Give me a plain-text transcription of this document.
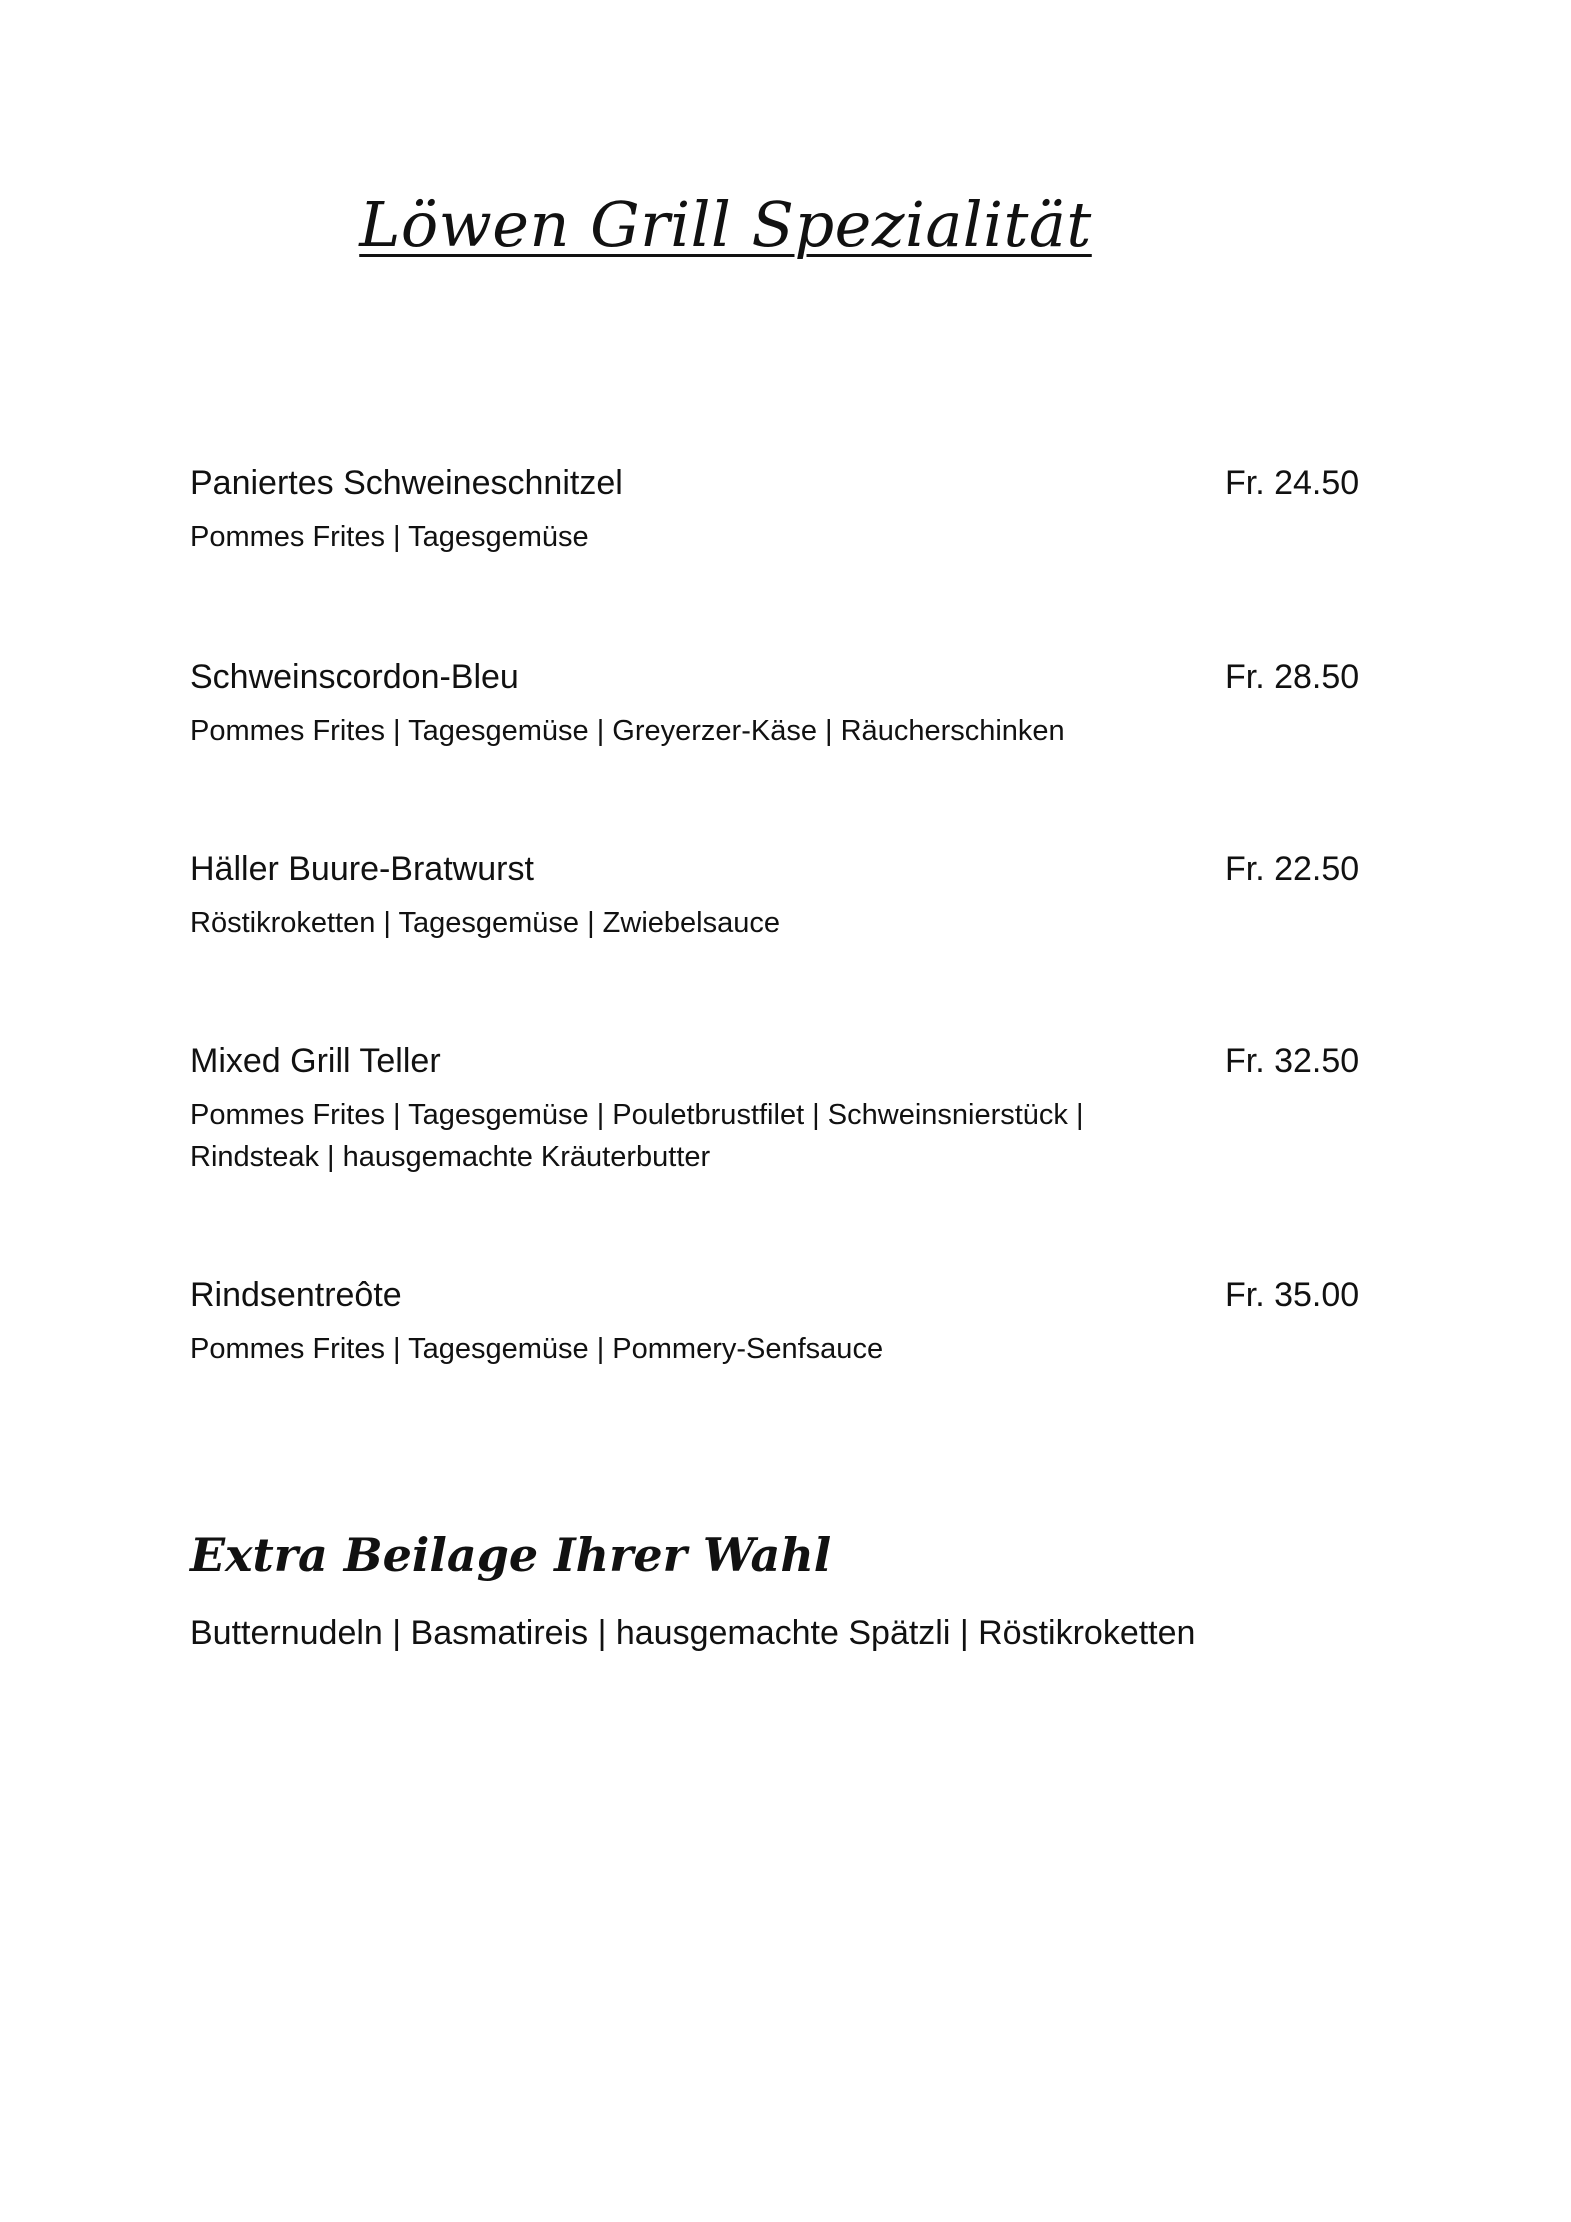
Löwen Grill Spezialität
Paniertes Schweineschnitzel	Fr. 24.50
Pommes Frites | Tagesgemüse
Schweinscordon-Bleu	Fr. 28.50
Pommes Frites | Tagesgemüse | Greyerzer-Käse | Räucherschinken
Häller Buure-Bratwurst	Fr. 22.50
Röstikroketten | Tagesgemüse | Zwiebelsauce
Mixed Grill Teller	Fr. 32.50
Pommes Frites | Tagesgemüse | Pouletbrustfilet | Schweinsnierstück | Rindsteak | hausgemachte Kräuterbutter
Rindsentreôte	Fr. 35.00
Pommes Frites | Tagesgemüse | Pommery-Senfsauce
Extra Beilage Ihrer Wahl
Butternudeln | Basmatireis | hausgemachte Spätzli | Röstikroketten
